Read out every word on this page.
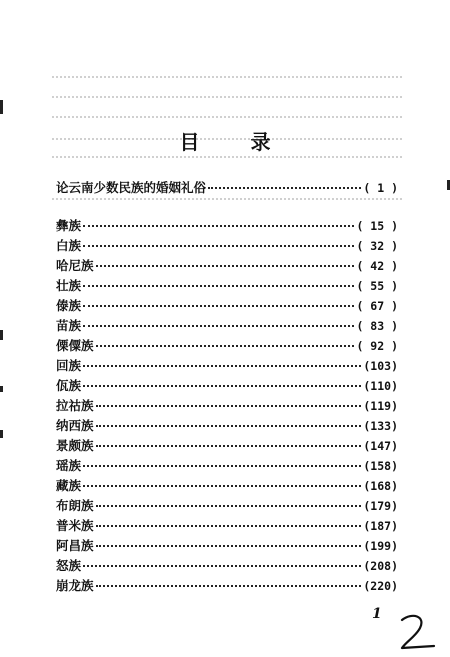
目 录
论云南少数民族的婚姻礼俗	( 1 )
彝族	( 15 )
白族	( 32 )
哈尼族	( 42 )
壮族	( 55 )
傣族	( 67 )
苗族	( 83 )
傈僳族	( 92 )
回族	(103)
佤族	(110)
拉祜族	(119)
纳西族	(133)
景颇族	(147)
瑶族	(158)
藏族	(168)
布朗族	(179)
普米族	(187)
阿昌族	(199)
怒族	(208)
崩龙族	(220)
1
